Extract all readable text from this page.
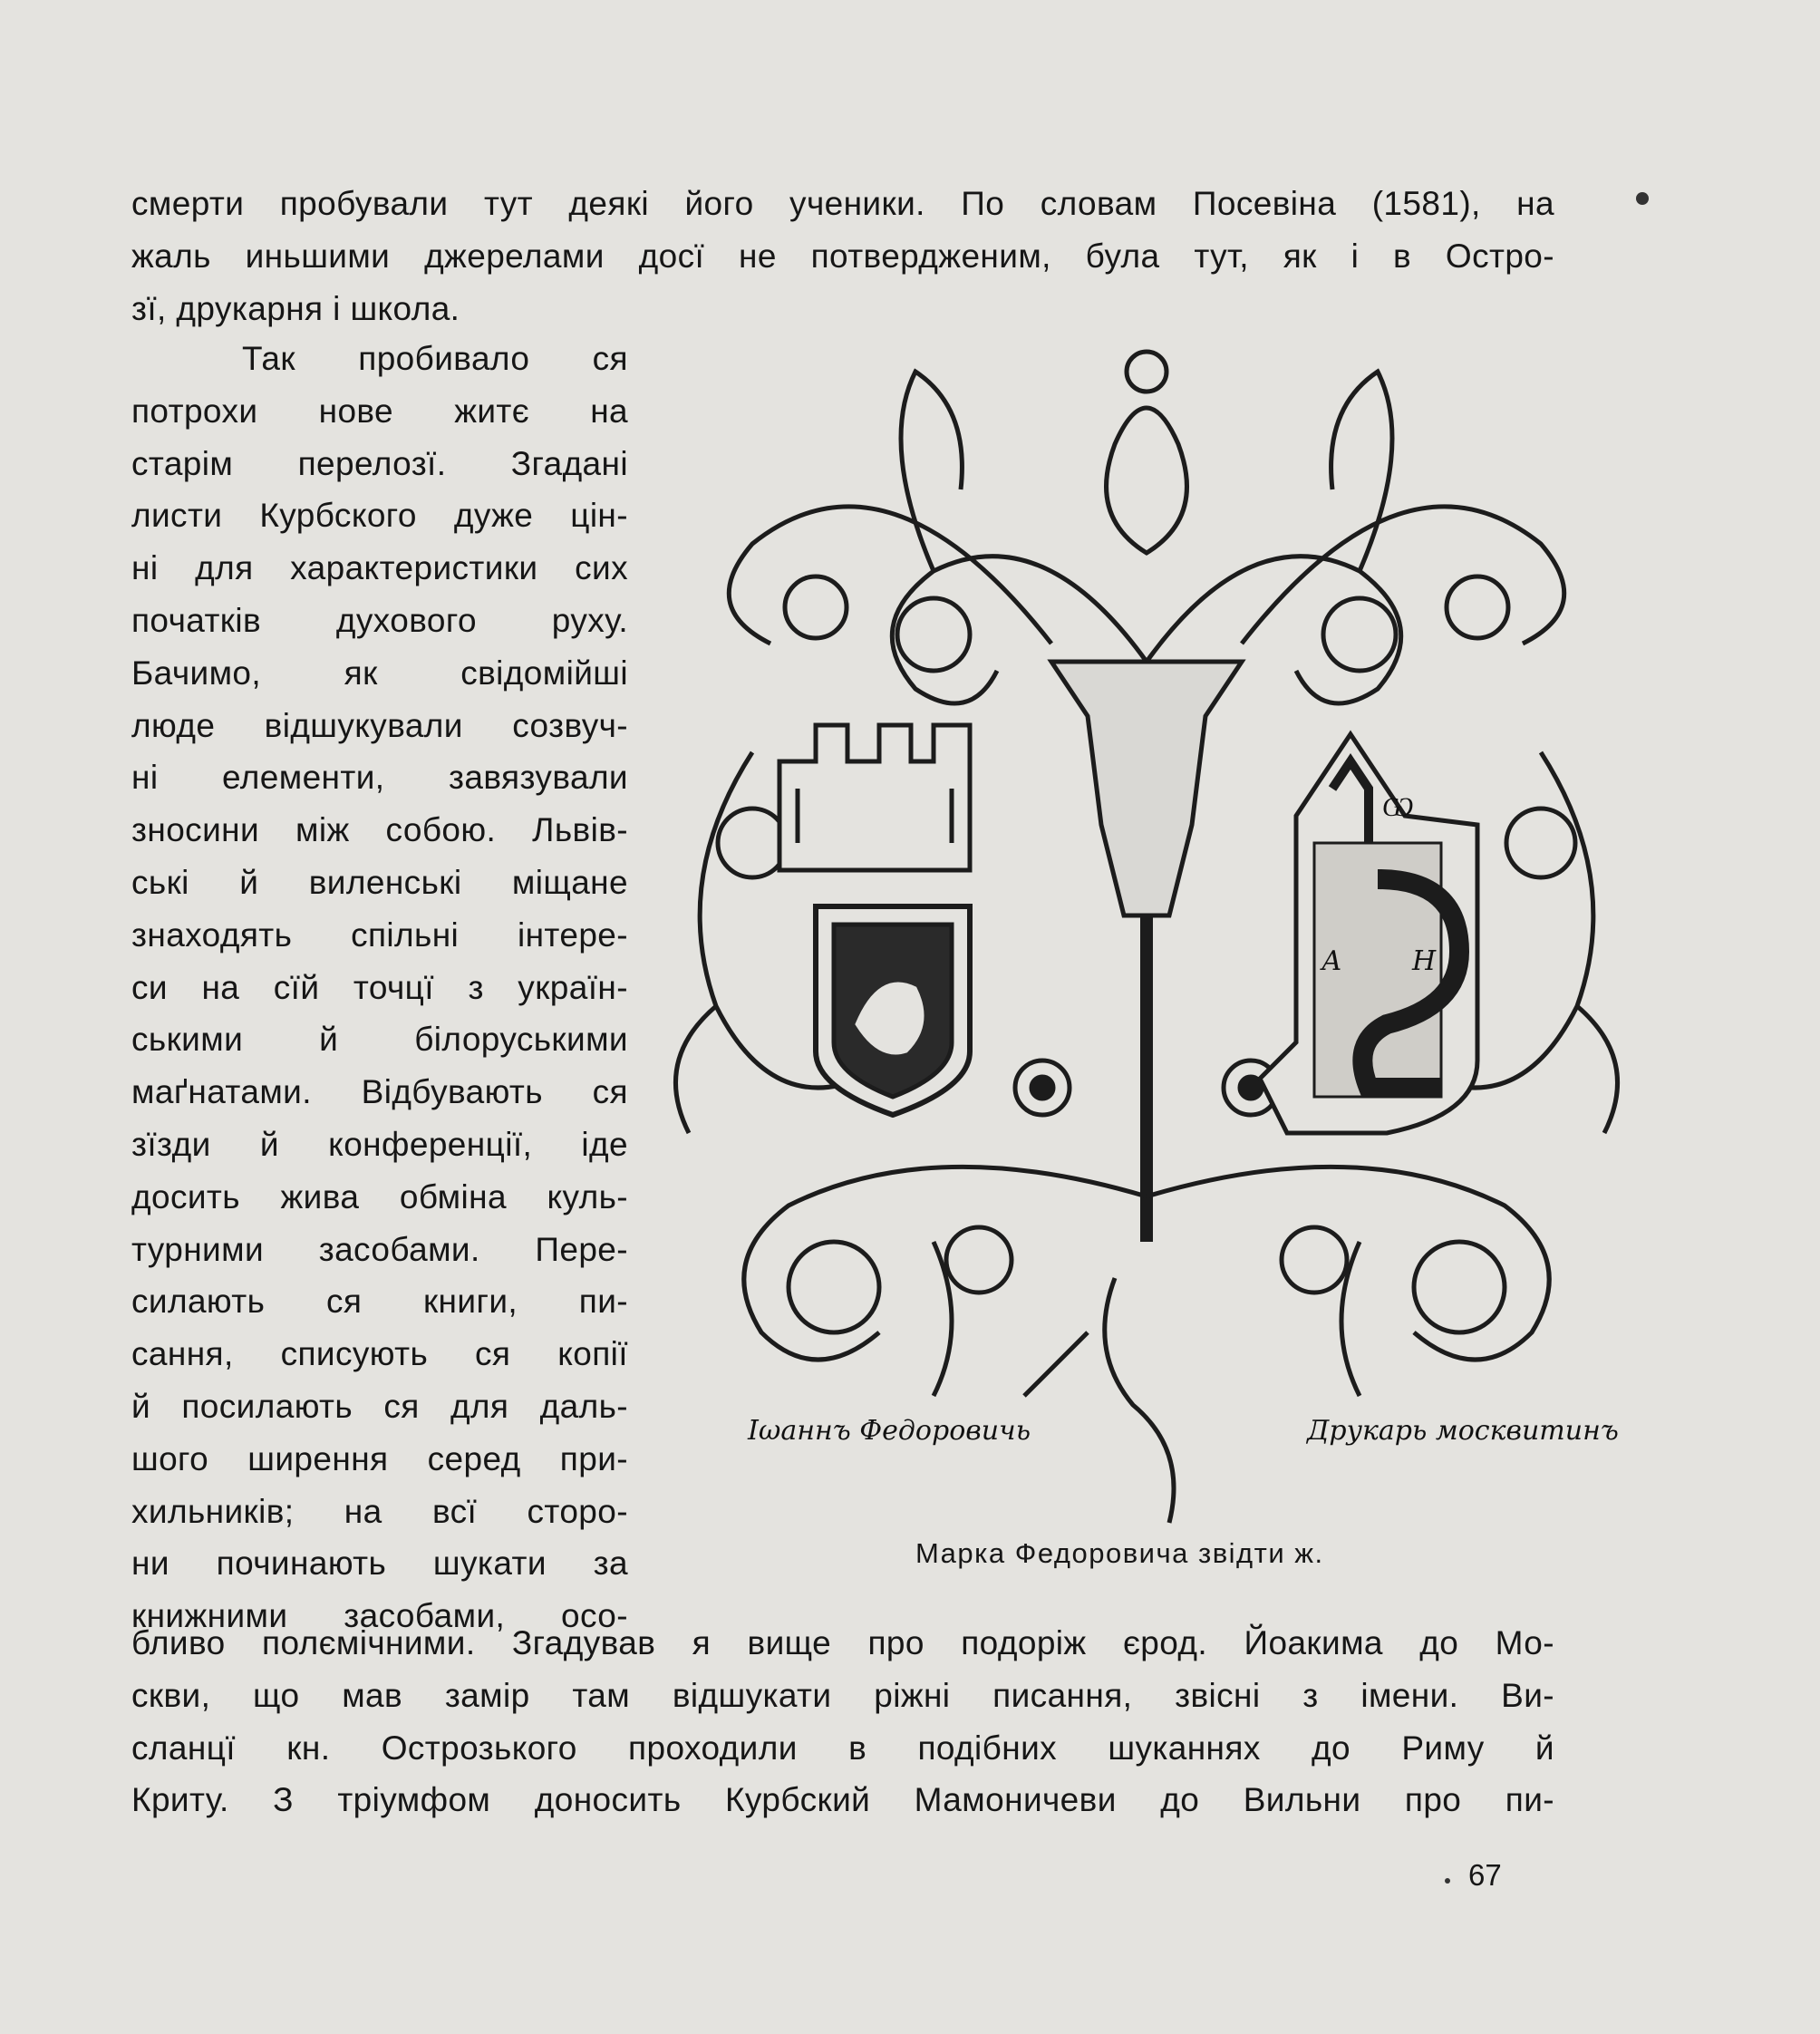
смерти пробували тут деякі його ученики. По словам Посевіна (1581), на
жаль иньшими джерелами досї не потверджeним, була тут, як і в Остро-
зї, друкарня і школа.
Так пробивало ся
потрохи нове житє на
старім перелозї. Згадані
листи Курбского дуже цін-
ні для характеристики сих
початків духового руху.
Бачимо, як свідомійші
люде відшукували созвуч-
ні елементи, завязували
зносини між собою. Львів-
ські й виленські міщане
знаходять спільні інтере-
си на сїй точцї з україн-
ськими й білоруськими
маґнатами. Відбувають ся
зїзди й конференції, іде
досить жива обміна куль-
турними засобами. Пере-
силають ся книги, пи-
сання, списують ся копії
й посилають ся для даль-
шого ширення серед при-
хильників; на всї сторо-
ни починають шукати за
книжними засобами, осо-
Ѡ
А	Н
Іωаннъ Федоровичь	Друкарь москвитинъ
Марка Федоровича звідти ж.
бливо полємічними. Згадував я вище про подоріж єрод. Йоакима до Мо-
скви, що мав замір там відшукати ріжні писання, звісні з імени. Ви-
сланцї кн. Острозького проходили в подібних шуканнях до Риму й
Криту. З тріумфом доносить Курбский Мамоничеви до Вильни про пи-
67
